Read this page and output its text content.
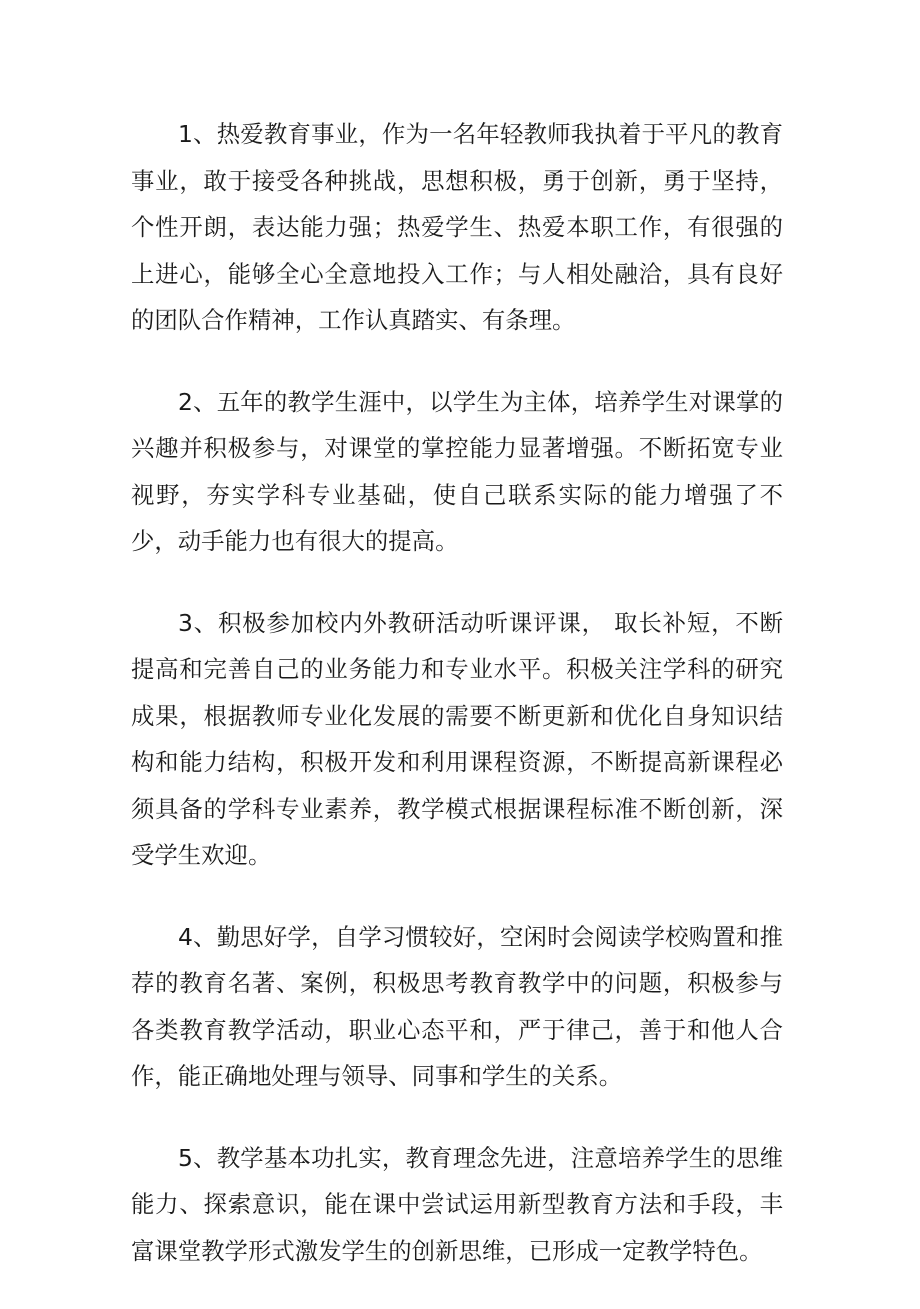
1、热爱教育事业，作为一名年轻教师我执着于平凡的教育事业，敢于接受各种挑战，思想积极，勇于创新，勇于坚持，个性开朗，表达能力强；热爱学生、热爱本职工作，有很强的上进心，能够全心全意地投入工作；与人相处融洽，具有良好的团队合作精神，工作认真踏实、有条理。

2、五年的教学生涯中，以学生为主体，培养学生对课掌的兴趣并积极参与，对课堂的掌控能力显著增强。不断拓宽专业视野，夯实学科专业基础，使自己联系实际的能力增强了不少，动手能力也有很大的提高。

3、积极参加校内外教研活动听课评课， 取长补短，不断提高和完善自己的业务能力和专业水平。积极关注学科的研究成果，根据教师专业化发展的需要不断更新和优化自身知识结构和能力结构，积极开发和利用课程资源，不断提高新课程必须具备的学科专业素养，教学模式根据课程标准不断创新，深受学生欢迎。

4、勤思好学，自学习惯较好，空闲时会阅读学校购置和推荐的教育名著、案例，积极思考教育教学中的问题，积极参与各类教育教学活动，职业心态平和，严于律己，善于和他人合作，能正确地处理与领导、同事和学生的关系。

5、教学基本功扎实，教育理念先进，注意培养学生的思维能力、探索意识，能在课中尝试运用新型教育方法和手段，丰富课堂教学形式激发学生的创新思维，已形成一定教学特色。
